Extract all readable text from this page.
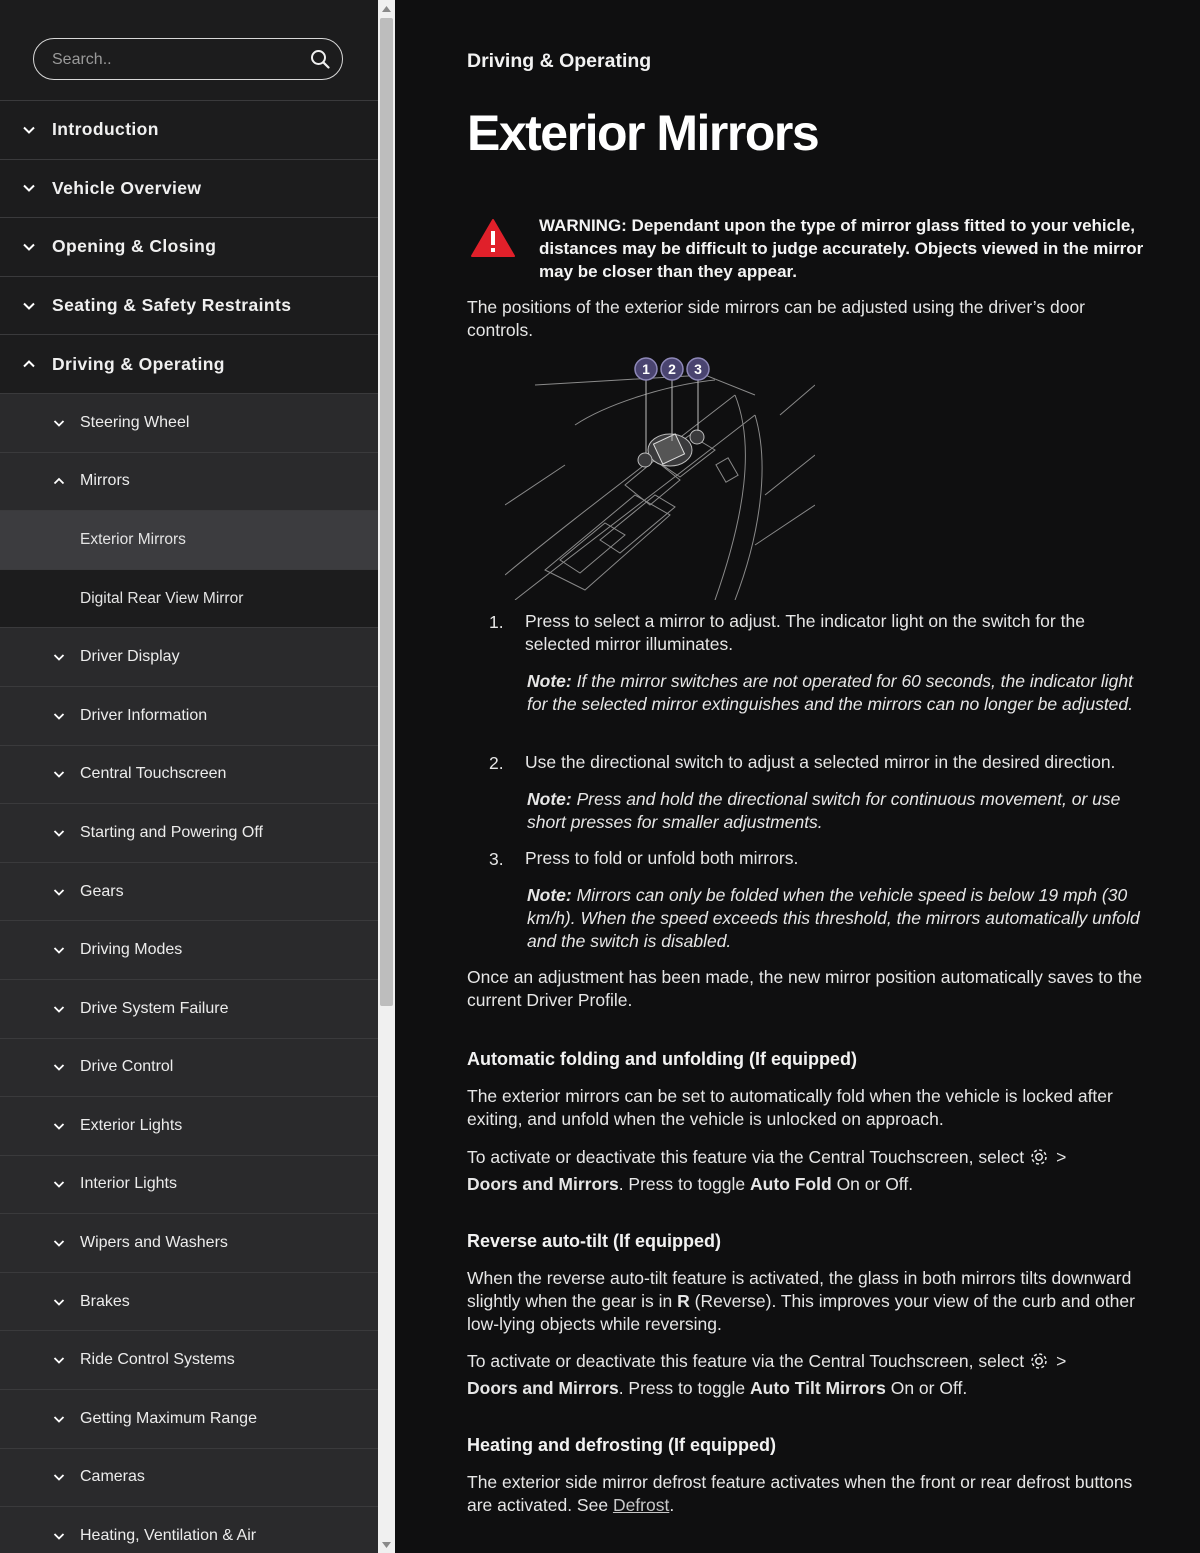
Search..
Introduction
Vehicle Overview
Opening & Closing
Seating & Safety Restraints
Driving & Operating
Steering Wheel
Mirrors
Exterior Mirrors
Digital Rear View Mirror
Driver Display
Driver Information
Central Touchscreen
Starting and Powering Off
Gears
Driving Modes
Drive System Failure
Drive Control
Exterior Lights
Interior Lights
Wipers and Washers
Brakes
Ride Control Systems
Getting Maximum Range
Cameras
Heating, Ventilation & Air
Driving & Operating
Exterior Mirrors
WARNING: Dependant upon the type of mirror glass fitted to your vehicle, distances may be difficult to judge accurately. Objects viewed in the mirror may be closer than they appear.

The positions of the exterior side mirrors can be adjusted using the driver’s door controls.

1 2 3
1. Press to select a mirror to adjust. The indicator light on the switch for the selected mirror illuminates.
Note: If the mirror switches are not operated for 60 seconds, the indicator light for the selected mirror extinguishes and the mirrors can no longer be adjusted.
2. Use the directional switch to adjust a selected mirror in the desired direction.
Note: Press and hold the directional switch for continuous movement, or use short presses for smaller adjustments.
3. Press to fold or unfold both mirrors.
Note: Mirrors can only be folded when the vehicle speed is below 19 mph (30 km/h). When the speed exceeds this threshold, the mirrors automatically unfold and the switch is disabled.

Once an adjustment has been made, the new mirror position automatically saves to the current Driver Profile.

Automatic folding and unfolding (If equipped)

The exterior mirrors can be set to automatically fold when the vehicle is locked after exiting, and unfold when the vehicle is unlocked on approach.

To activate or deactivate this feature via the Central Touchscreen, select >
Doors and Mirrors. Press to toggle Auto Fold On or Off.

Reverse auto-tilt (If equipped)

When the reverse auto-tilt feature is activated, the glass in both mirrors tilts downward slightly when the gear is in R (Reverse). This improves your view of the curb and other low-lying objects while reversing.

To activate or deactivate this feature via the Central Touchscreen, select >
Doors and Mirrors. Press to toggle Auto Tilt Mirrors On or Off.

Heating and defrosting (If equipped)

The exterior side mirror defrost feature activates when the front or rear defrost buttons are activated. See Defrost.
